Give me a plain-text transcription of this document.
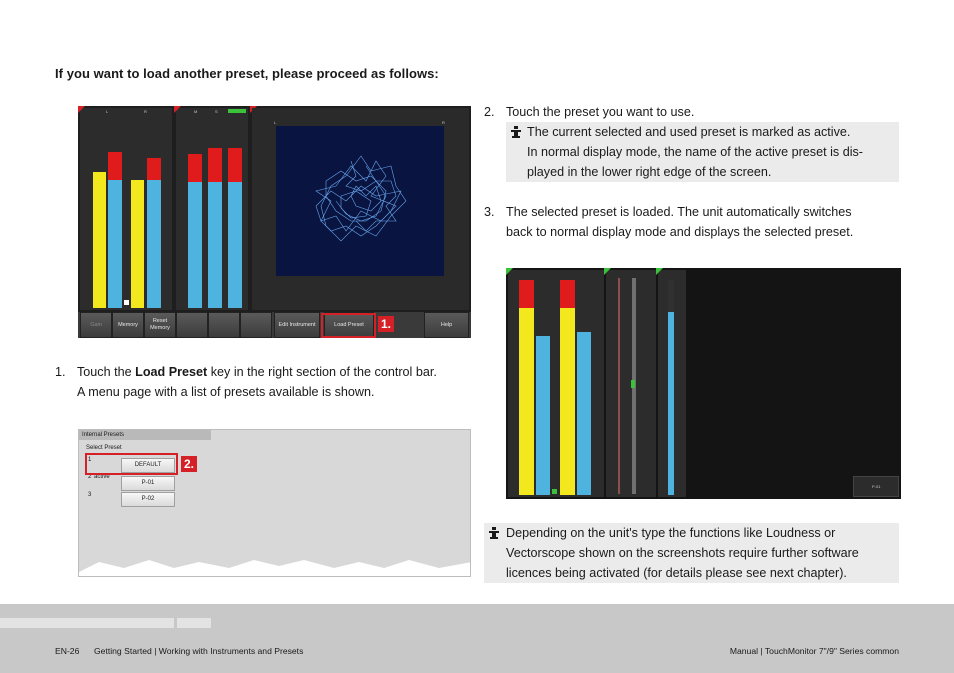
If you want to load another preset, please proceed as follows:
L	R	M	S
L	R
Gain	Memory
Reset Memory
Edit Instrument	Load Preset	Help
1.
1. Touch the Load Preset key in the right section of the control bar.
A menu page with a list of presets available is shown.
Internal Presets
Select Preset
1
DEFAULT
2 active
P-01
3
P-02
2.
2. Touch the preset you want to use.
The current selected and used preset is marked as active.
In normal display mode, the name of the active preset is dis-
played in the lower right edge of the screen.
3. The selected preset is loaded. The unit automatically switches
back to normal display mode and displays the selected preset.
P-01
Depending on the unit's type the functions like Loudness or
Vectorscope shown on the screenshots require further software
licences being activated (for details please see next chapter).
EN-26 Getting Started | Working with Instruments and Presets	Manual | TouchMonitor 7"/9" Series common
